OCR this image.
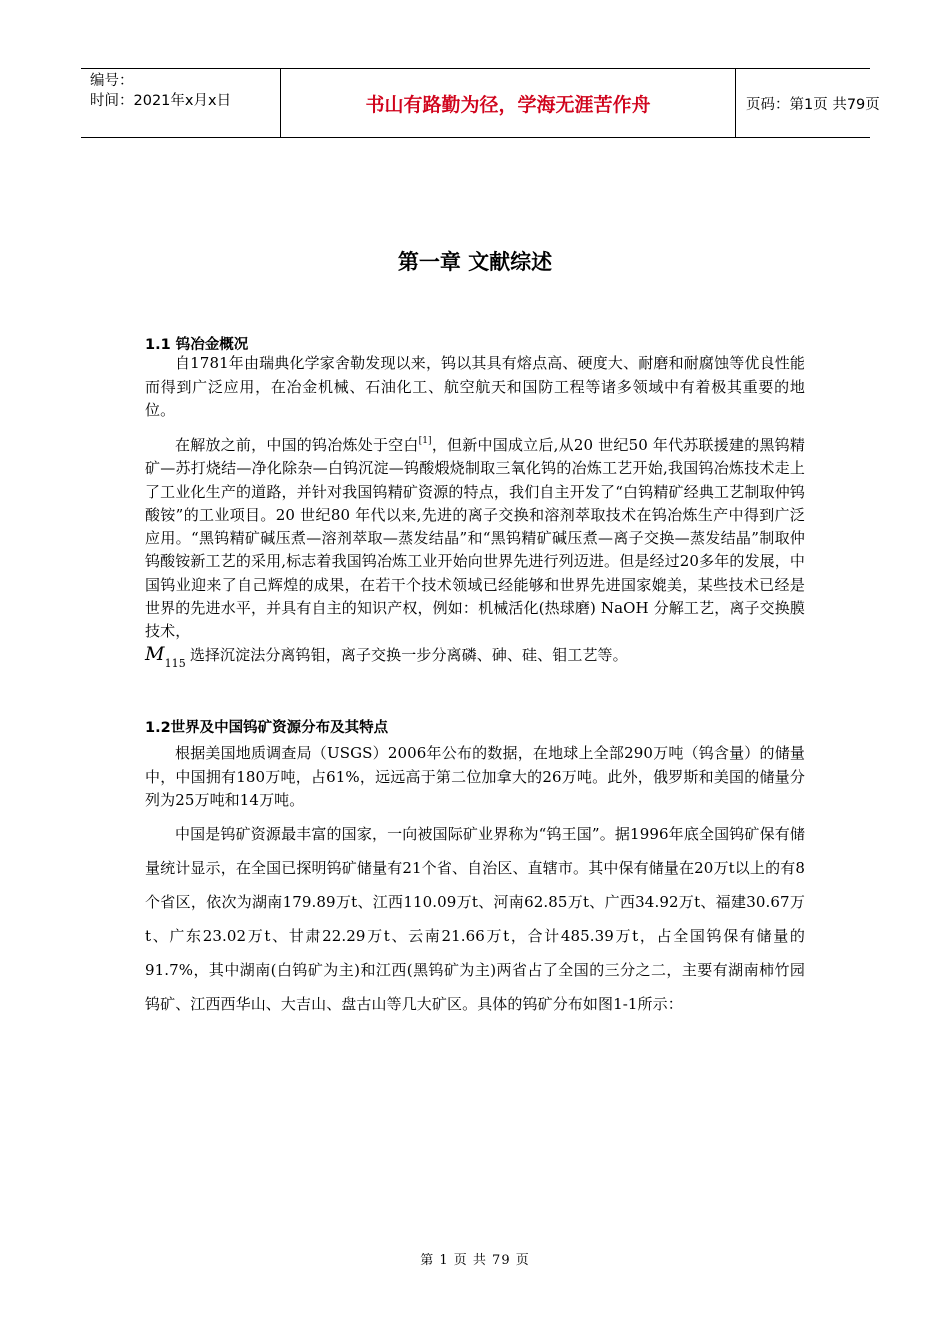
编号：
时间：2021年x月x日	书山有路勤为径，学海无涯苦作舟	页码：第1页 共79页
第一章 文献综述
1.1 钨冶金概况
自1781年由瑞典化学家舍勒发现以来，钨以其具有熔点高、硬度大、耐磨和耐腐蚀等优良性能而得到广泛应用，在冶金机械、石油化工、航空航天和国防工程等诸多领域中有着极其重要的地位。
在解放之前，中国的钨冶炼处于空白[1]，但新中国成立后,从20 世纪50 年代苏联援建的黑钨精矿—苏打烧结—净化除杂—白钨沉淀—钨酸煅烧制取三氧化钨的冶炼工艺开始,我国钨冶炼技术走上了工业化生产的道路，并针对我国钨精矿资源的特点，我们自主开发了“白钨精矿经典工艺制取仲钨酸铵”的工业项目。20 世纪80 年代以来,先进的离子交换和溶剂萃取技术在钨冶炼生产中得到广泛应用。“黑钨精矿碱压煮—溶剂萃取—蒸发结晶”和“黑钨精矿碱压煮—离子交换—蒸发结晶”制取仲钨酸铵新工艺的采用,标志着我国钨冶炼工业开始向世界先进行列迈进。但是经过20多年的发展，中国钨业迎来了自己辉煌的成果，在若干个技术领域已经能够和世界先进国家媲美，某些技术已经是世界的先进水平，并具有自主的知识产权，例如：机械活化(热球磨) NaOH 分解工艺，离子交换膜技术，
$M_{115}$ 选择沉淀法分离钨钼，离子交换一步分离磷、砷、硅、钼工艺等。
1.2世界及中国钨矿资源分布及其特点
根据美国地质调查局（USGS）2006年公布的数据，在地球上全部290万吨（钨含量）的储量中，中国拥有180万吨，占61%，远远高于第二位加拿大的26万吨。此外，俄罗斯和美国的储量分列为25万吨和14万吨。
中国是钨矿资源最丰富的国家，一向被国际矿业界称为“钨王国”。据1996年底全国钨矿保有储量统计显示，在全国已探明钨矿储量有21个省、自治区、直辖市。其中保有储量在20万t以上的有8个省区，依次为湖南179.89万t、江西110.09万t、河南62.85万t、广西34.92万t、福建30.67万t、广东23.02万t、甘肃22.29万t、云南21.66万t，合计485.39万t，占全国钨保有储量的91.7%，其中湖南(白钨矿为主)和江西(黑钨矿为主)两省占了全国的三分之二，主要有湖南柿竹园钨矿、江西西华山、大吉山、盘古山等几大矿区。具体的钨矿分布如图1-1所示：
第 1 页 共 79 页
